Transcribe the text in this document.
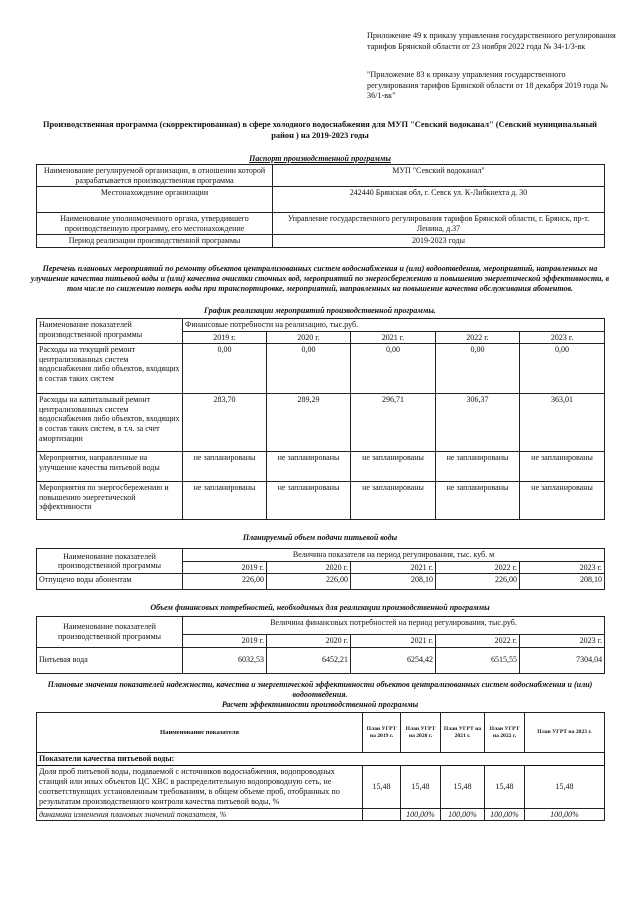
Приложение 49 к приказу управления государственного регулирования тарифов Брянской области от 23 ноября 2022 года № 34-1/3-вк
"Приложение 83 к приказу управления государственного регулирования тарифов Брянской области от 18 декабря 2019 года № 36/1-вк"
Производственная программа (скорректированная) в сфере холодного водоснабжения для МУП "Севский водоканал" (Севский муниципальный район ) на 2019-2023 годы
Паспорт производственной программы
Наименование регулируемой организации, в отношении которой разрабатывается производственная программа	МУП "Севский водоканал"
Местонахождение организации	242440 Брянская обл, г. Севск ул. К-Либкнехта д. 30
Наименование уполномоченного органа, утвердившего производственную программу, его местонахождение	Управление государственного регулирования тарифов Брянской области, г. Брянск, пр-т. Ленина, д.37
Период реализации производственной программы	2019-2023 годы
Перечень плановых мероприятий по ремонту объектов централизованных систем водоснабжения и (или) водоотведения, мероприятий, направленных на улучшение качества питьевой воды и (или) качества очистки сточных вод, мероприятий по энергосбережению и повышению энергетической эффективности, в том числе по снижению потерь воды при транспортировке, мероприятий, направленных на повышение качества обслуживания абонентов.
График реализации мероприятий производственной программы.
Наименование показателей производственной программы	Финансовые потребности на реализацию, тыс.руб.				
	2019 г.	2020 г.	2021 г.	2022 г.	2023 г.
Расходы на текущий ремонт централизованных систем водоснабжения либо объектов, входящих в состав таких систем	0,00	0,00	0,00	0,00	0,00
Расходы на капитальный ремонт централизованных систем водоснабжения либо объектов, входящих в состав таких систем, в т.ч. за счет амортизации	283,70	289,29	296,71	306,37	363,01
Мероприятия, направленные на улучшение качества питьевой воды	не запланированы	не запланированы	не запланированы	не запланированы	не запланированы
Мероприятия по энергосбережению и повышению энергетической эффективности	не запланированы	не запланированы	не запланированы	не запланированы	не запланированы
Планируемый объем подачи питьевой воды
Наименование показателей производственной программы	Величина показателя на период регулирования, тыс. куб. м				
	2019 г.	2020 г.	2021 г.	2022 г.	2023 г.
Отпущено воды абонентам	226,00	226,00	208,10	226,00	208,10
Объем финансовых потребностей, необходимых для реализации производственной программы
Наименование показателей производственной программы	Величина финансовых потребностей на период регулирования, тыс.руб.				
	2019 г.	2020 г.	2021 г.	2022 г.	2023 г.
Питьевая вода	6032,53	6452,21	6254,42	6515,55	7304,04
Плановые значения показателей надежности, качества и энергетической эффективности объектов централизованных систем водоснабжения и (или) водоотведения.
Расчет эффективности производственной программы
Наименование показателя	План УГРТ на 2019 г.	План УГРТ на 2020 г.	План УГРТ на 2021 г.	План УГРТ на 2022 г.	План УГРТ на 2023 г.
Показатели качества питьевой воды:					
Доля проб питьевой воды, подаваемой с источников водоснабжения, водопроводных станций или иных объектов ЦС ХВС в распределительную водопроводную сеть, не соответствующих установленным требованиям, в общем объеме проб, отобранных по результатам производственного контроля качества питьевой воды, %	15,48	15,48	15,48	15,48	15,48
динамика изменения плановых значений показателя, %		100,00%	100,00%	100,00%	100,00%
